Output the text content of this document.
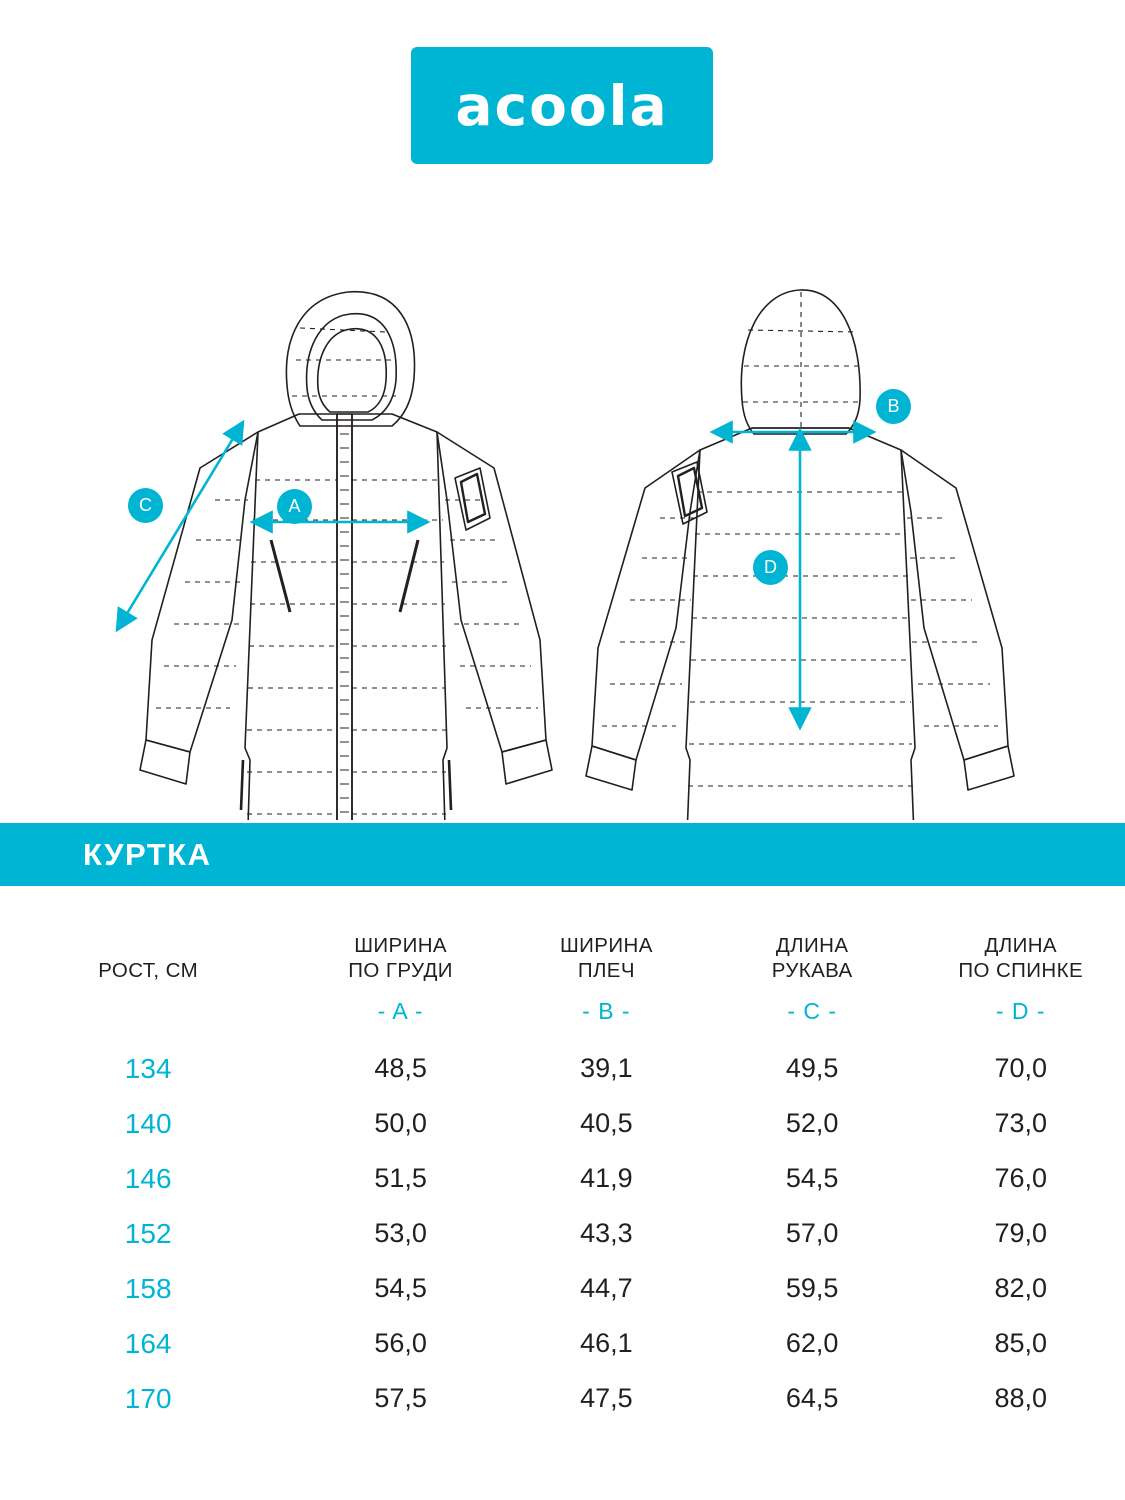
acoola
A
B
C
D
КУРТКА
РОСТ, СМ

ШИРИНА
ПО ГРУДИ

ШИРИНА
ПЛЕЧ

ДЛИНА
РУКАВА

ДЛИНА
ПО СПИНКЕ

	- A -	- B -	- C -	- D -
134	48,5	39,1	49,5	70,0
140	50,0	40,5	52,0	73,0
146	51,5	41,9	54,5	76,0
152	53,0	43,3	57,0	79,0
158	54,5	44,7	59,5	82,0
164	56,0	46,1	62,0	85,0
170	57,5	47,5	64,5	88,0
